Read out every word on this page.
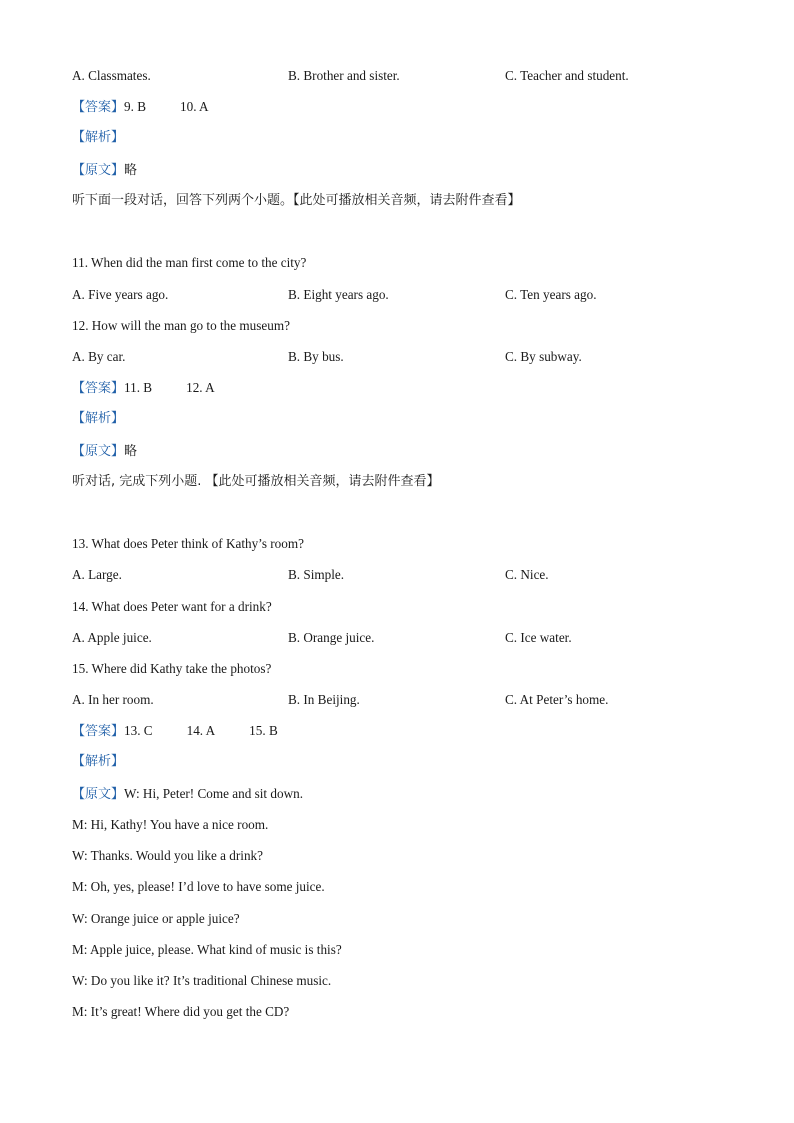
A. Classmates.	B. Brother and sister.	C. Teacher and student.
【答案】9. B	10. A
【解析】
【原文】略
听下面一段对话，回答下列两个小题。【此处可播放相关音频，请去附件查看】
11. When did the man first come to the city?
A. Five years ago.	B. Eight years ago.	C. Ten years ago.
12. How will the man go to the museum?
A. By car.	B. By bus.	C. By subway.
【答案】11. B	12. A
【解析】
【原文】略
听对话, 完成下列小题. 【此处可播放相关音频，请去附件查看】
13. What does Peter think of Kathy’s room?
A. Large.	B. Simple.	C. Nice.
14. What does Peter want for a drink?
A. Apple juice.	B. Orange juice.	C. Ice water.
15. Where did Kathy take the photos?
A. In her room.	B. In Beijing.	C. At Peter’s home.
【答案】13. C	14. A	15. B
【解析】
【原文】W: Hi, Peter! Come and sit down.
M: Hi, Kathy! You have a nice room.
W: Thanks. Would you like a drink?
M: Oh, yes, please! I’d love to have some juice.
W: Orange juice or apple juice?
M: Apple juice, please. What kind of music is this?
W: Do you like it? It’s traditional Chinese music.
M: It’s great! Where did you get the CD?
